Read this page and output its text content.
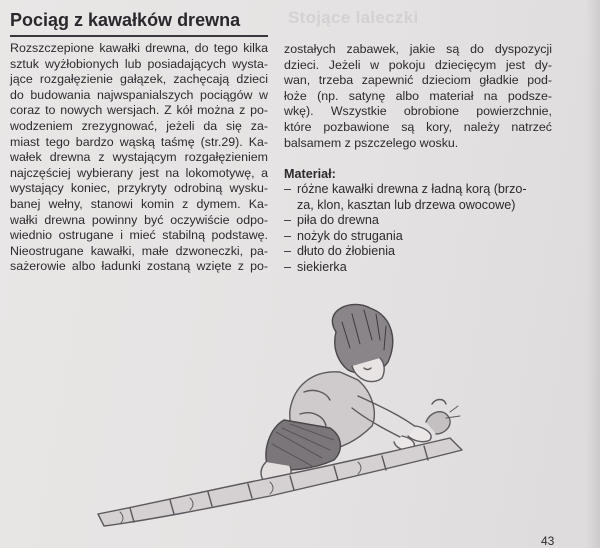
Stojące laleczki
Pociąg z kawałków drewna
Rozszczepione kawałki drewna, do tego kilka
sztuk wyżłobionych lub posiadających wysta-
jące rozgałęzienie gałązek, zachęcają dzieci
do budowania najwspanialszych pociągów w
coraz to nowych wersjach. Z kół można z po-
wodzeniem zrezygnować, jeżeli da się za-
miast tego bardzo wąską taśmę (str.29). Ka-
wałek drewna z wystającym rozgałęzieniem
najczęściej wybierany jest na lokomotywę, a
wystający koniec, przykryty odrobiną wysku-
banej wełny, stanowi komin z dymem. Ka-
wałki drewna powinny być oczywiście odpo-
wiednio ostrugane i mieć stabilną podstawę.
Nieostrugane kawałki, małe dzwoneczki, pa-
sażerowie albo ładunki zostaną wzięte z po-
zostałych zabawek, jakie są do dyspozycji
dzieci. Jeżeli w pokoju dziecięcym jest dy-
wan, trzeba zapewnić dzieciom gładkie pod-
łoże (np. satynę albo materiał na podsze-
wkę). Wszystkie obrobione powierzchnie,
które pozbawione są kory, należy natrzeć
balsamem z pszczelego wosku.
Materiał:
– różne kawałki drewna z ładną korą (brzo-
za, klon, kasztan lub drzewa owocowe)
– piła do drewna
– nożyk do strugania
– dłuto do żłobienia
– siekierka
43
